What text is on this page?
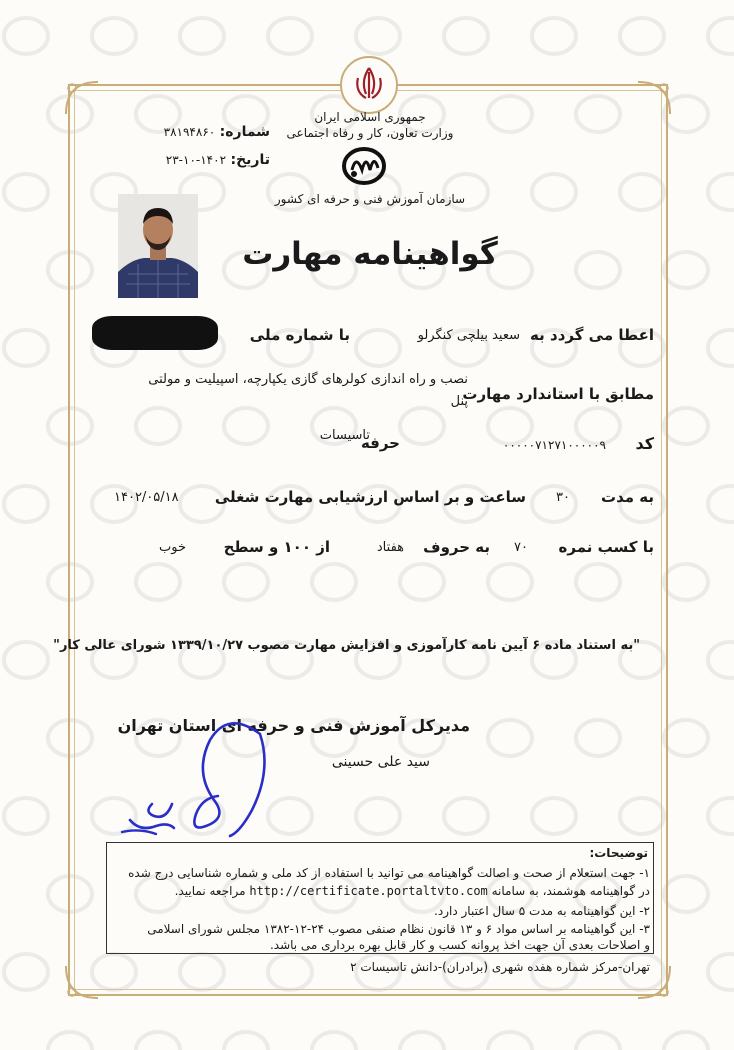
جمهوری اسلامی ایران
وزارت تعاون، کار و رفاه اجتماعی
سازمان آموزش فنی و حرفه ای کشور
شماره: ۳۸۱۹۴۸۶۰
تاریخ: ۱۴۰۲-۱۰-۲۳
گواهینامه مهارت
اعطا می گردد به
سعید بیلچی کنگرلو
با شماره ملی
مطابق با استاندارد مهارت
نصب و راه اندازی کولرهای گازی یکپارچه، اسپیلیت و مولتی
پنل
کد
۰۰۰۰۰۷۱۲۷۱۰۰۰۰۰۹
حرفه
تاسیسات
به مدت
۳۰
ساعت و بر اساس ارزشیابی مهارت شغلی
۱۴۰۲/۰۵/۱۸
با کسب نمره
۷۰
به حروف
هفتاد
از ۱۰۰ و سطح
خوب
"به استناد ماده ۶ آیین نامه کارآموزی و افزایش مهارت مصوب ۱۳۳۹/۱۰/۲۷ شورای عالی کار"
مدیرکل آموزش فنی و حرفه ای استان تهران
سید علی حسینی
توضیحات:
۱- جهت استعلام از صحت و اصالت گواهینامه می توانید با استفاده از کد ملی و شماره شناسایی درج شده
در گواهینامه هوشمند، به سامانه http://certificate.portaltvto.com مراجعه نمایید.
۲- این گواهینامه به مدت ۵ سال اعتبار دارد.
۳- این گواهینامه بر اساس مواد ۶ و ۱۳ قانون نظام صنفی مصوب ۲۴-۱۲-۱۳۸۲ مجلس شورای اسلامی
و اصلاحات بعدی آن جهت اخذ پروانه کسب و کار قابل بهره برداری می باشد.
تهران-مرکز شماره هفده شهری (برادران)-دانش تاسیسات ۲
